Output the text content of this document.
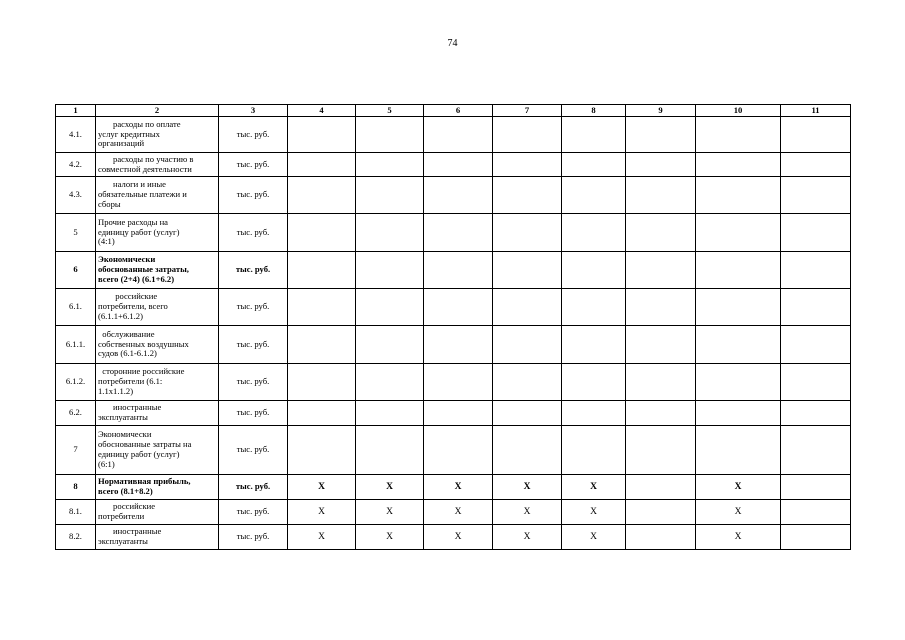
74
1	2	3	4	5	6	7	8	9	10	11
4.1.	расходы по оплате
услуг кредитных
организаций	тыс. руб.								
4.2.	расходы по участию в
совместной деятельности	тыс. руб.								
4.3.	налоги и иные
обязательные платежи и
сборы	тыс. руб.								
5	Прочие расходы на
единицу работ (услуг)
(4:1)	тыс. руб.								
6	Экономически
обоснованные затраты,
всего (2+4) (6.1+6.2)	тыс. руб.								
6.1.	российские
потребители, всего
(6.1.1+6.1.2)	тыс. руб.								
6.1.1.	обслуживание
собственных воздушных
судов (6.1-6.1.2)	тыс. руб.								
6.1.2.	сторонние российские
потребители (6.1:
1.1x1.1.2)	тыс. руб.								
6.2.	иностранные
эксплуатанты	тыс. руб.								
7	Экономически
обоснованные затраты на
единицу работ (услуг)
(6:1)	тыс. руб.								
8	Нормативная прибыль,
всего (8.1+8.2)	тыс. руб.	X	X	X	X	X		X	
8.1.	российские
потребители	тыс. руб.	X	X	X	X	X		X	
8.2.	иностранные
эксплуатанты	тыс. руб.	X	X	X	X	X		X	
